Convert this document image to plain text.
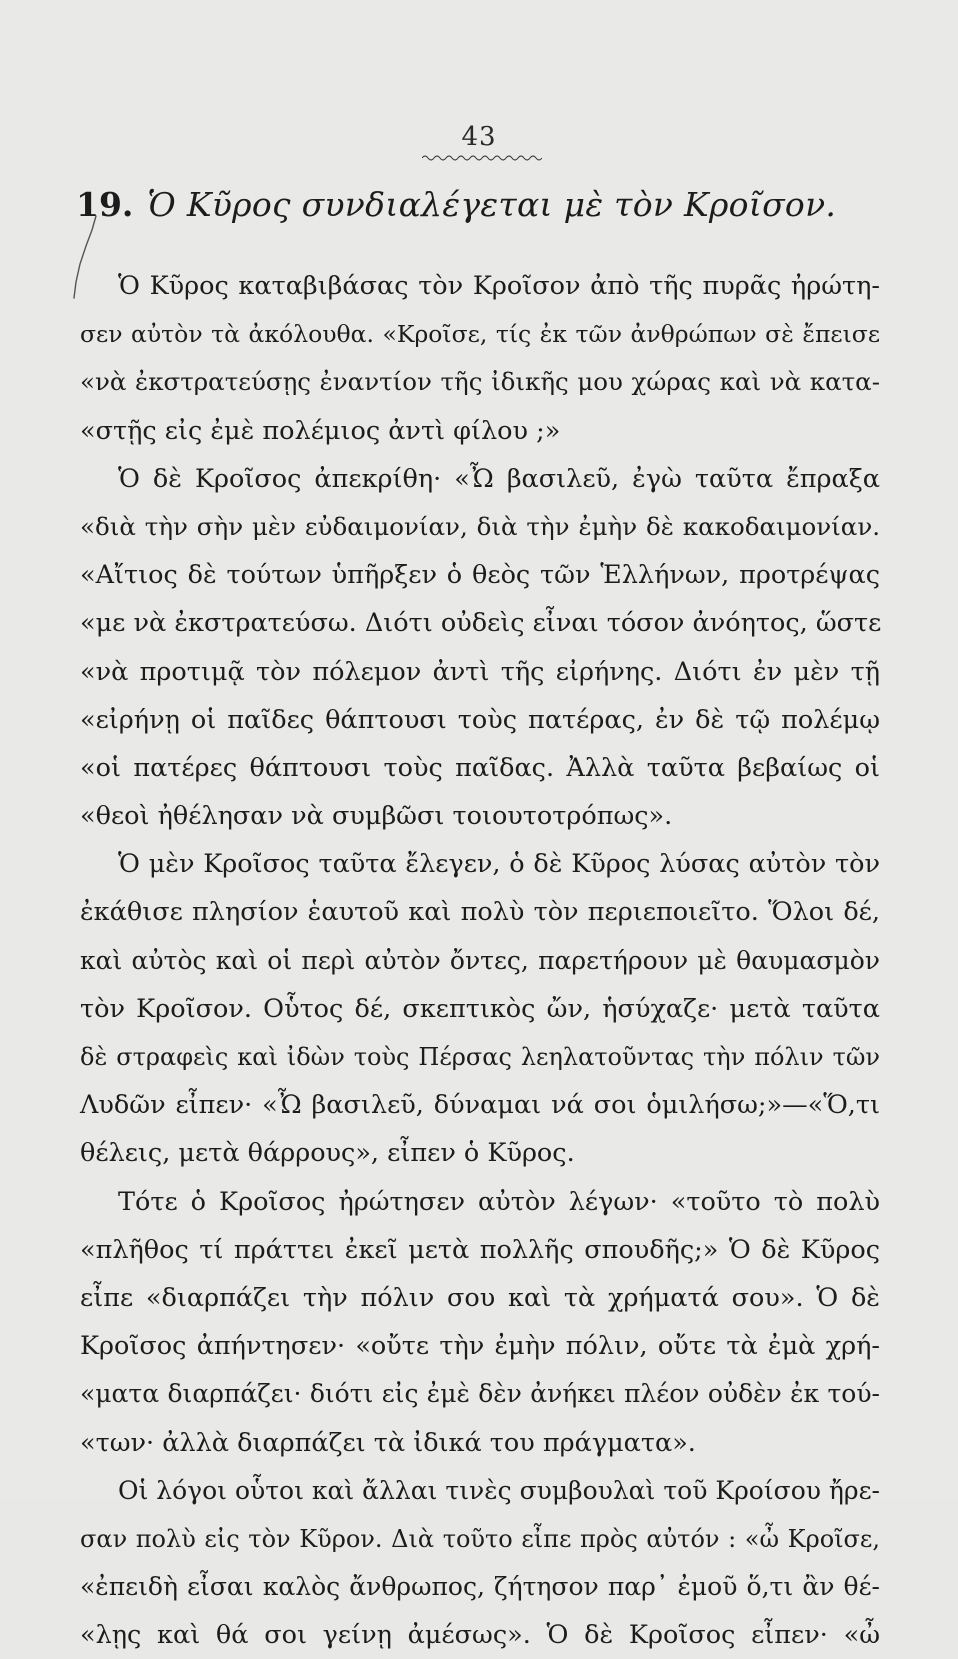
43
19. Ὁ Κῦρος συνδιαλέγεται μὲ τὸν Κροῖσον.
Ὁ Κῦρος καταβιβάσας τὸν Κροῖσον ἀπὸ τῆς πυρᾶς ἠρώτη-
σεν αὐτὸν τὰ ἀκόλουθα. «Κροῖσε, τίς ἐκ τῶν ἀνθρώπων σὲ ἔπεισε
«νὰ ἐκστρατεύσῃς ἐναντίον τῆς ἰδικῆς μου χώρας καὶ νὰ κατα-
«στῇς εἰς ἐμὲ πολέμιος ἀντὶ φίλου ;»
Ὁ δὲ Κροῖσος ἀπεκρίθη· «Ὦ βασιλεῦ, ἐγὼ ταῦτα ἔπραξα
«διὰ τὴν σὴν μὲν εὐδαιμονίαν, διὰ τὴν ἐμὴν δὲ κακοδαιμονίαν.
«Αἴτιος δὲ τούτων ὑπῆρξεν ὁ θεὸς τῶν Ἑλλήνων, προτρέψας
«με νὰ ἐκστρατεύσω. Διότι οὐδεὶς εἶναι τόσον ἀνόητος, ὥστε
«νὰ προτιμᾷ τὸν πόλεμον ἀντὶ τῆς εἰρήνης. Διότι ἐν μὲν τῇ
«εἰρήνῃ οἱ παῖδες θάπτουσι τοὺς πατέρας, ἐν δὲ τῷ πολέμῳ
«οἱ πατέρες θάπτουσι τοὺς παῖδας. Ἀλλὰ ταῦτα βεβαίως οἱ
«θεοὶ ἠθέλησαν νὰ συμβῶσι τοιουτοτρόπως».
Ὁ μὲν Κροῖσος ταῦτα ἔλεγεν, ὁ δὲ Κῦρος λύσας αὐτὸν τὸν
ἐκάθισε πλησίον ἑαυτοῦ καὶ πολὺ τὸν περιεποιεῖτο. Ὅλοι δέ,
καὶ αὐτὸς καὶ οἱ περὶ αὐτὸν ὄντες, παρετήρουν μὲ θαυμασμὸν
τὸν Κροῖσον. Οὗτος δέ, σκεπτικὸς ὤν, ἡσύχαζε· μετὰ ταῦτα
δὲ στραφεὶς καὶ ἰδὼν τοὺς Πέρσας λεηλατοῦντας τὴν πόλιν τῶν
Λυδῶν εἶπεν· «Ὦ βασιλεῦ, δύναμαι νά σοι ὁμιλήσω;»—«Ὅ,τι
θέλεις, μετὰ θάρρους», εἶπεν ὁ Κῦρος.
Τότε ὁ Κροῖσος ἠρώτησεν αὐτὸν λέγων· «τοῦτο τὸ πολὺ
«πλῆθος τί πράττει ἐκεῖ μετὰ πολλῆς σπουδῆς;» Ὁ δὲ Κῦρος
εἶπε «διαρπάζει τὴν πόλιν σου καὶ τὰ χρήματά σου». Ὁ δὲ
Κροῖσος ἀπήντησεν· «οὔτε τὴν ἐμὴν πόλιν, οὔτε τὰ ἐμὰ χρή-
«ματα διαρπάζει· διότι εἰς ἐμὲ δὲν ἀνήκει πλέον οὐδὲν ἐκ τού-
«των· ἀλλὰ διαρπάζει τὰ ἰδικά του πράγματα».
Οἱ λόγοι οὗτοι καὶ ἄλλαι τινὲς συμβουλαὶ τοῦ Κροίσου ἤρε-
σαν πολὺ εἰς τὸν Κῦρον. Διὰ τοῦτο εἶπε πρὸς αὐτόν : «ὦ Κροῖσε,
«ἐπειδὴ εἶσαι καλὸς ἄνθρωπος, ζήτησον παρ᾽ ἐμοῦ ὅ,τι ἂν θέ-
«λῃς καὶ θά σοι γείνῃ ἀμέσως». Ὁ δὲ Κροῖσος εἶπεν· «ὦ
